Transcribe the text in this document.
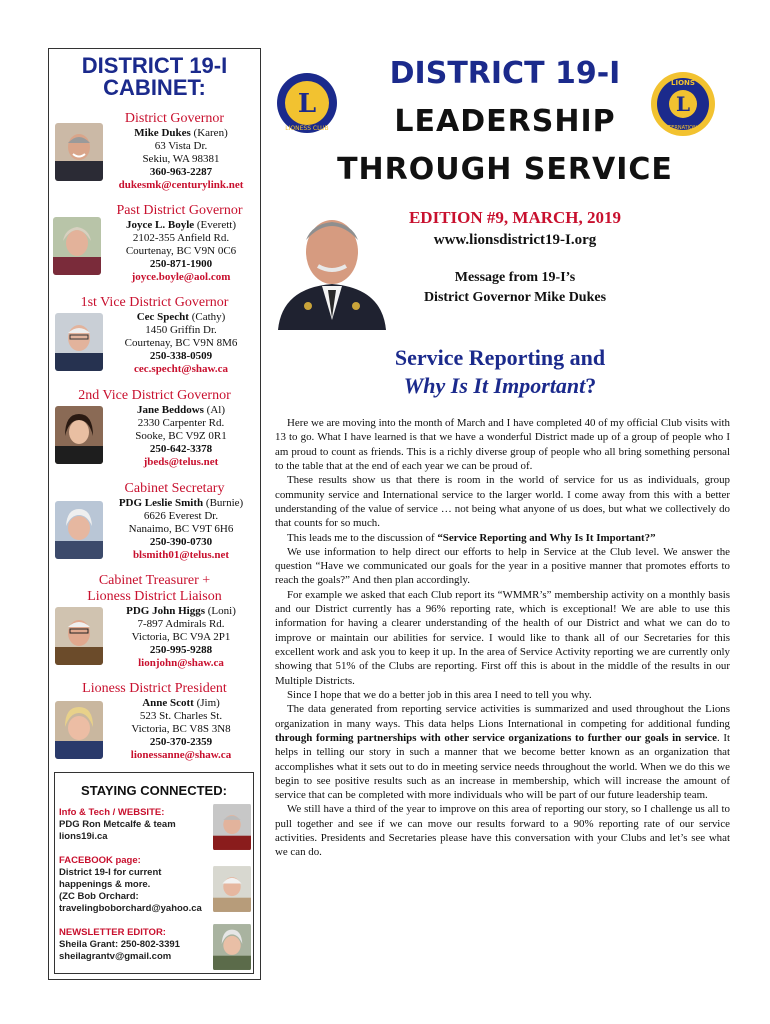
DISTRICT 19-I
CABINET:
District Governor
Mike Dukes (Karen)
63 Vista Dr.
Sekiu, WA 98381
360-963-2287
dukesmk@centurylink.net
Past District Governor
Joyce L. Boyle (Everett)
2102-355 Anfield Rd.
Courtenay, BC V9N 0C6
250-871-1900
joyce.boyle@aol.com
1st Vice District Governor
Cec Specht (Cathy)
1450 Griffin Dr.
Courtenay, BC V9N 8M6
250-338-0509
cec.specht@shaw.ca
2nd Vice District Governor
Jane Beddows (Al)
2330 Carpenter Rd.
Sooke, BC V9Z 0R1
250-642-3378
jbeds@telus.net
Cabinet Secretary
PDG Leslie Smith (Burnie)
6626 Everest Dr.
Nanaimo, BC V9T 6H6
250-390-0730
blsmith01@telus.net
Cabinet Treasurer +
Lioness District Liaison
PDG John Higgs (Loni)
7-897 Admirals Rd.
Victoria, BC V9A 2P1
250-995-9288
lionjohn@shaw.ca
Lioness District President
Anne Scott (Jim)
523 St. Charles St.
Victoria, BC V8S 3N8
250-370-2359
lionessanne@shaw.ca
STAYING CONNECTED:
Info & Tech / WEBSITE:
PDG Ron Metcalfe & team
lions19i.ca
FACEBOOK page:
District 19-I for current
happenings & more.
(ZC Bob Orchard:
travelingboborchard@yahoo.ca
NEWSLETTER EDITOR:
Sheila Grant: 250-802-3391
sheilagrantv@gmail.com
L
LIONESS CLUB
L
LIONS
INTERNATIONAL
DISTRICT 19-I
LEADERSHIP
THROUGH SERVICE
EDITION #9, MARCH, 2019
www.lionsdistrict19-I.org
Message from 19-I’s
District Governor Mike Dukes
Service Reporting and
Why Is It Important?

Here we are moving into the month of March and I have completed 40 of my official Club visits with 13 to go. What I have learned is that we have a wonderful District made up of a group of people who I am proud to count as friends. This is a richly diverse group of people who all bring something personal to the table that at the end of each year we can be proud of.

These results show us that there is room in the world of service for us as individuals, group community service and International service to the larger world. I come away from this with a better understanding of the value of service … not being what anyone of us does, but what we collectively do that counts for so much.

This leads me to the discussion of “Service Reporting and Why Is It Important?”

We use information to help direct our efforts to help in Service at the Club level. We answer the question “Have we communicated our goals for the year in a positive manner that promotes efforts to reach the goals?” And then plan accordingly.

For example we asked that each Club report its “WMMR’s” membership activity on a monthly basis and our District currently has a 96% reporting rate, which is exceptional! We are able to use this information for having a clearer understanding of the health of our District and what we can do to improve or maintain our abilities for service. I would like to thank all of our Secretaries for this excellent work and ask you to keep it up. In the area of Service Activity reporting we are currently only showing that 51% of the Clubs are reporting. First off this is about in the middle of the results in our Multiple Districts.

Since I hope that we do a better job in this area I need to tell you why.

The data generated from reporting service activities is summarized and used throughout the Lions organization in many ways. This data helps Lions International in competing for additional funding through forming partnerships with other service organizations to further our goals in service. It helps in telling our story in such a manner that we become better known as an organization that accomplishes what it sets out to do in meeting service needs throughout the world. When we do this we begin to see positive results such as an increase in membership, which will increase the amount of service that can be completed with more individuals who will be part of our future leadership team.

We still have a third of the year to improve on this area of reporting our story, so I challenge us all to pull together and see if we can move our results forward to a 90% reporting rate of our service activities. Presidents and Secretaries please have this conversation with your Clubs and let’s see what we can do.
